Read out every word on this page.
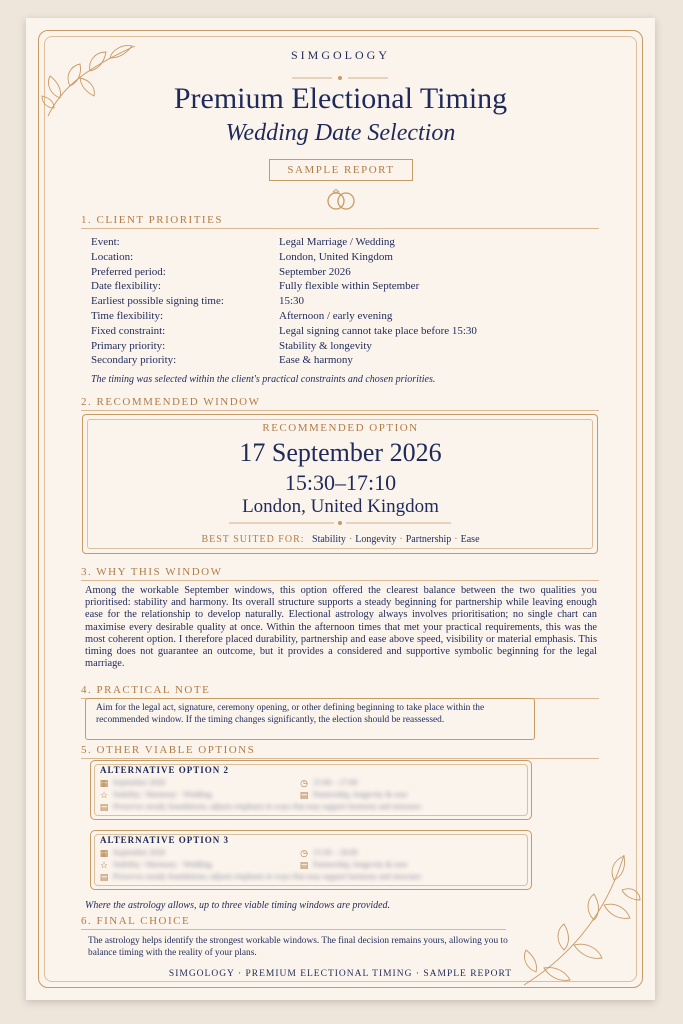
SIMGOLOGY
Premium Electional Timing
Wedding Date Selection
SAMPLE REPORT
1. CLIENT PRIORITIES
Event:	Legal Marriage / Wedding
Location:	London, United Kingdom
Preferred period:	September 2026
Date flexibility:	Fully flexible within September
Earliest possible signing time:	15:30
Time flexibility:	Afternoon / early evening
Fixed constraint:	Legal signing cannot take place before 15:30
Primary priority:	Stability & longevity
Secondary priority:	Ease & harmony
The timing was selected within the client's practical constraints and chosen priorities.
2. RECOMMENDED WINDOW
RECOMMENDED OPTION
17 September 2026
15:30–17:10
London, United Kingdom
BEST SUITED FOR: Stability · Longevity · Partnership · Ease
3. WHY THIS WINDOW
Among the workable September windows, this option offered the clearest balance between the two qualities you prioritised: stability and harmony. Its overall structure supports a steady beginning for partnership while leaving enough ease for the relationship to develop naturally. Electional astrology always involves prioritisation; no single chart can maximise every desirable quality at once. Within the afternoon times that met your practical requirements, this was the most coherent option. I therefore placed durability, partnership and ease above speed, visibility or material emphasis. This timing does not guarantee an outcome, but it provides a considered and supportive symbolic beginning for the legal marriage.
4. PRACTICAL NOTE
Aim for the legal act, signature, ceremony opening, or other defining beginning to take place within the recommended window. If the timing changes significantly, the election should be reassessed.
5. OTHER VIABLE OPTIONS
ALTERNATIVE OPTION 2
▦ September 2026	◷ 15:00 – 17:00
☆ Stability / Harmony · Wedding	▤ Partnership, longevity & ease
▤ Preserves steady foundations; adjusts emphasis in ways that may support harmony and structure.
ALTERNATIVE OPTION 3
▦ September 2026	◷ 15:30 – 18:00
☆ Stability / Harmony · Wedding	▤ Partnership, longevity & ease
▤ Preserves steady foundations; adjusts emphasis in ways that may support harmony and structure.
Where the astrology allows, up to three viable timing windows are provided.
6. FINAL CHOICE
The astrology helps identify the strongest workable windows. The final decision remains yours, allowing you to balance timing with the reality of your plans.
SIMGOLOGY · PREMIUM ELECTIONAL TIMING · SAMPLE REPORT
